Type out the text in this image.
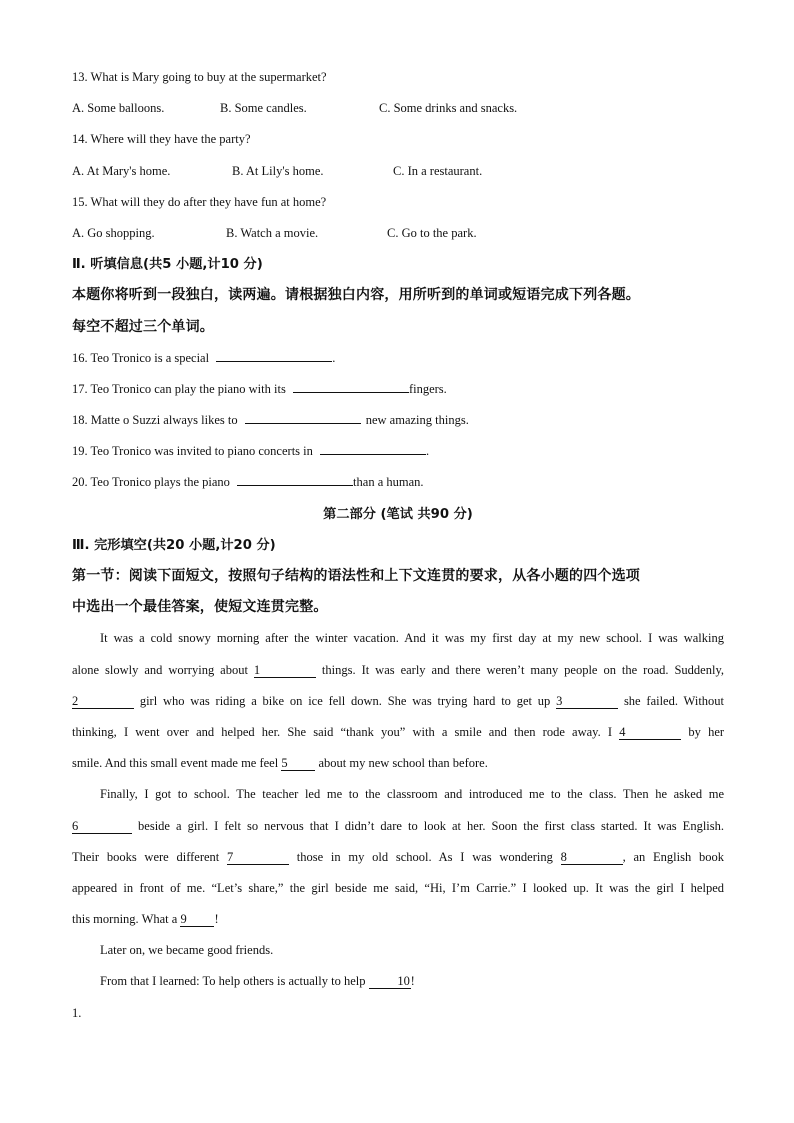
13. What is Mary going to buy at the supermarket?
A. Some balloons.	B. Some candles.	C. Some drinks and snacks.
14. Where will they have the party?
A. At Mary's home.	B. At Lily's home.	C. In a restaurant.
15. What will they do after they have fun at home?
A. Go shopping.	B. Watch a movie.	C. Go to the park.
Ⅱ. 听填信息(共5 小题,计10 分)
本题你将听到一段独白，读两遍。请根据独白内容，用所听到的单词或短语完成下列各题。
每空不超过三个单词。
16. Teo Tronico is a special	.
17. Teo Tronico can play the piano with its	fingers.
18. Matte o Suzzi always likes to	new amazing things.
19. Teo Tronico was invited to piano concerts in	.
20. Teo Tronico plays the piano	than a human.
第二部分 (笔试 共90 分)
Ⅲ. 完形填空(共20 小题,计20 分)
第一节：阅读下面短文，按照句子结构的语法性和上下文连贯的要求，从各小题的四个选项
中选出一个最佳答案，使短文连贯完整。
It was a cold snowy morning after the winter vacation. And it was my first day at my new school. I was walking
alone slowly and worrying about 1	things. It was early and there weren’t many people on the road. Suddenly,
2	girl who was riding a bike on ice fell down. She was trying hard to get up 3	she failed. Without
thinking, I went over and helped her. She said “thank you” with a smile and then rode away. I 4	by her
smile. And this small event made me feel 5 about my new school than before.
Finally, I got to school. The teacher led me to the classroom and introduced me to the class. Then he asked me
6	beside a girl. I felt so nervous that I didn’t dare to look at her. Soon the first class started. It was English.
Their books were different 7	those in my old school. As I was wondering 8	, an English book
appeared in front of me. “Let’s share,” the girl beside me said, “Hi, I’m Carrie.” I looked up. It was the girl I helped
this morning. What a 9 !
Later on, we became good friends.
From that I learned: To help others is actually to help	10!
1.
